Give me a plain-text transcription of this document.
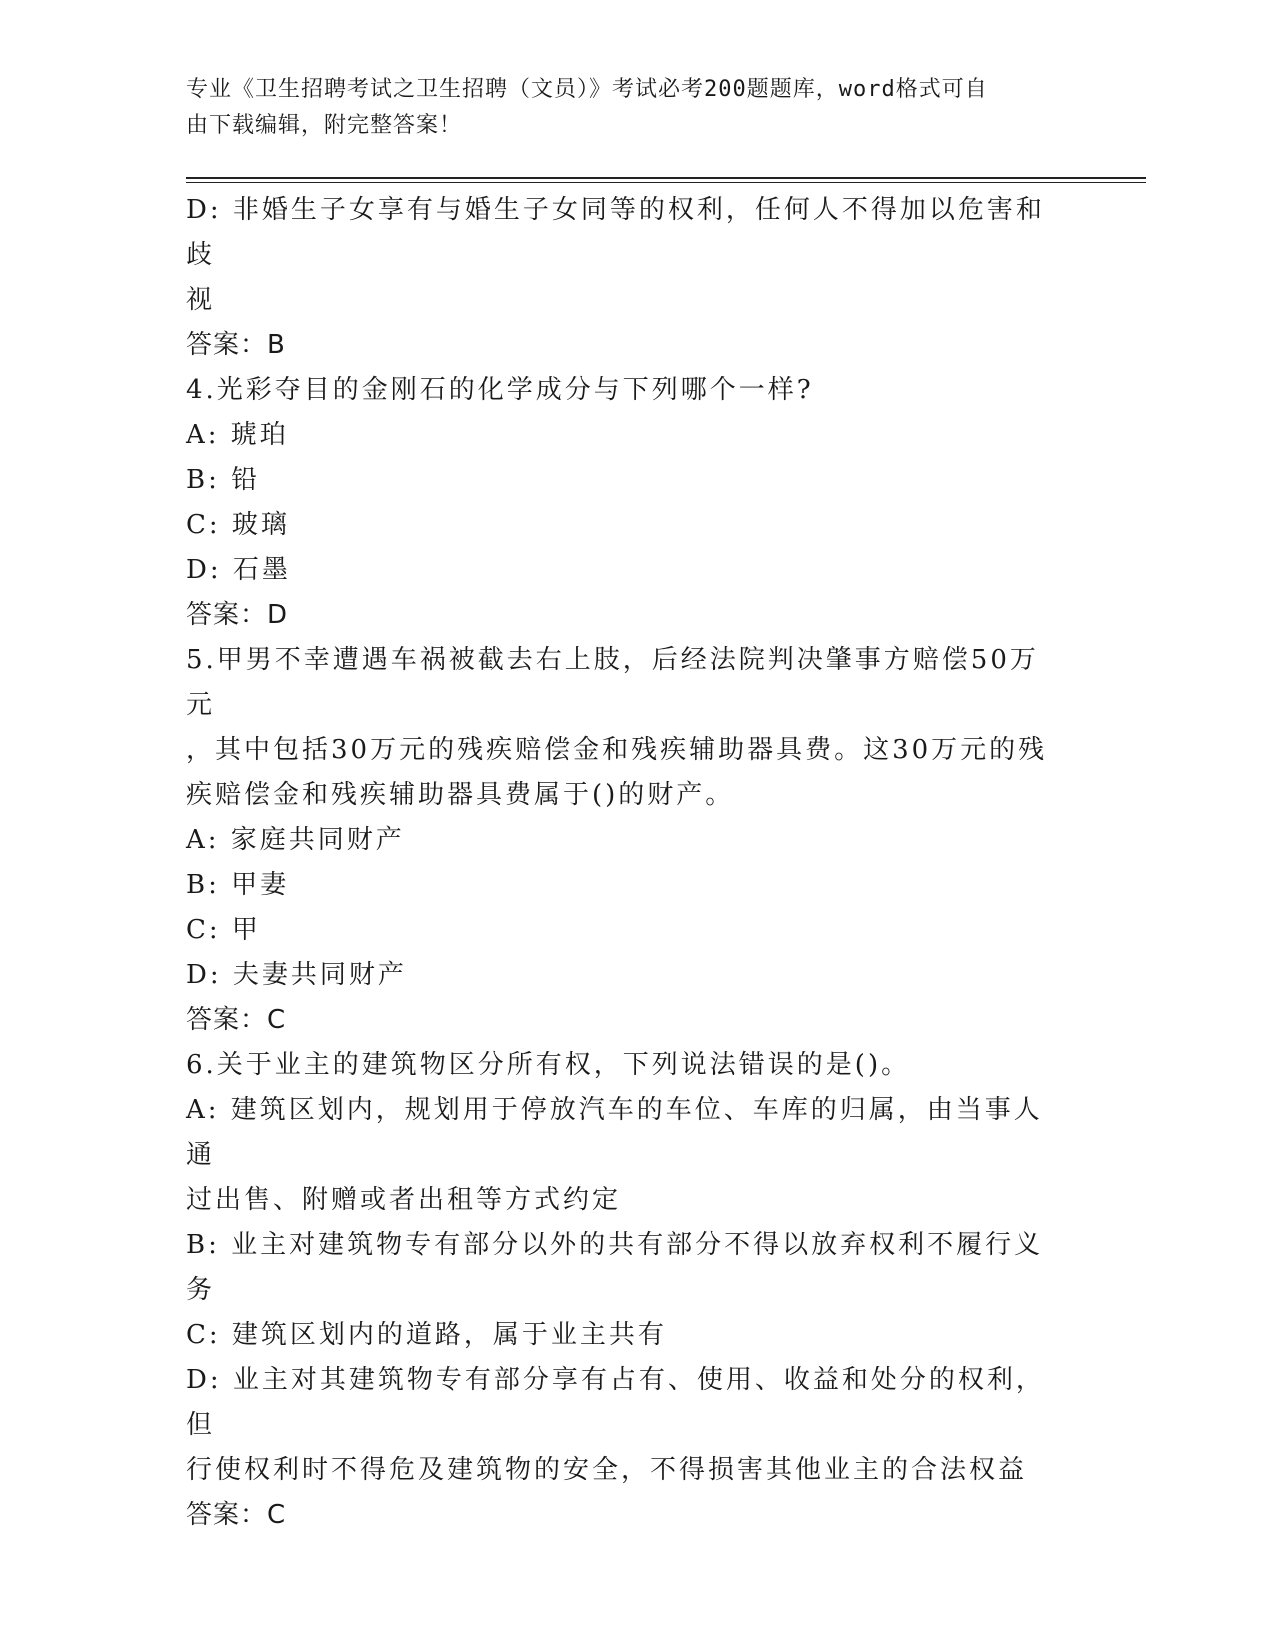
专业《卫生招聘考试之卫生招聘（文员）》考试必考200题题库，word格式可自
由下载编辑，附完整答案！
D: 非婚生子女享有与婚生子女同等的权利，任何人不得加以危害和歧
视
答案：B
4.光彩夺目的金刚石的化学成分与下列哪个一样?
A: 琥珀
B: 铅
C: 玻璃
D: 石墨
答案：D
5.甲男不幸遭遇车祸被截去右上肢，后经法院判决肇事方赔偿50万元
，其中包括30万元的残疾赔偿金和残疾辅助器具费。这30万元的残
疾赔偿金和残疾辅助器具费属于()的财产。
A: 家庭共同财产
B: 甲妻
C: 甲
D: 夫妻共同财产
答案：C
6.关于业主的建筑物区分所有权，下列说法错误的是()。
A: 建筑区划内，规划用于停放汽车的车位、车库的归属，由当事人通
过出售、附赠或者出租等方式约定
B: 业主对建筑物专有部分以外的共有部分不得以放弃权利不履行义务
C: 建筑区划内的道路，属于业主共有
D: 业主对其建筑物专有部分享有占有、使用、收益和处分的权利，但
行使权利时不得危及建筑物的安全，不得损害其他业主的合法权益
答案：C
